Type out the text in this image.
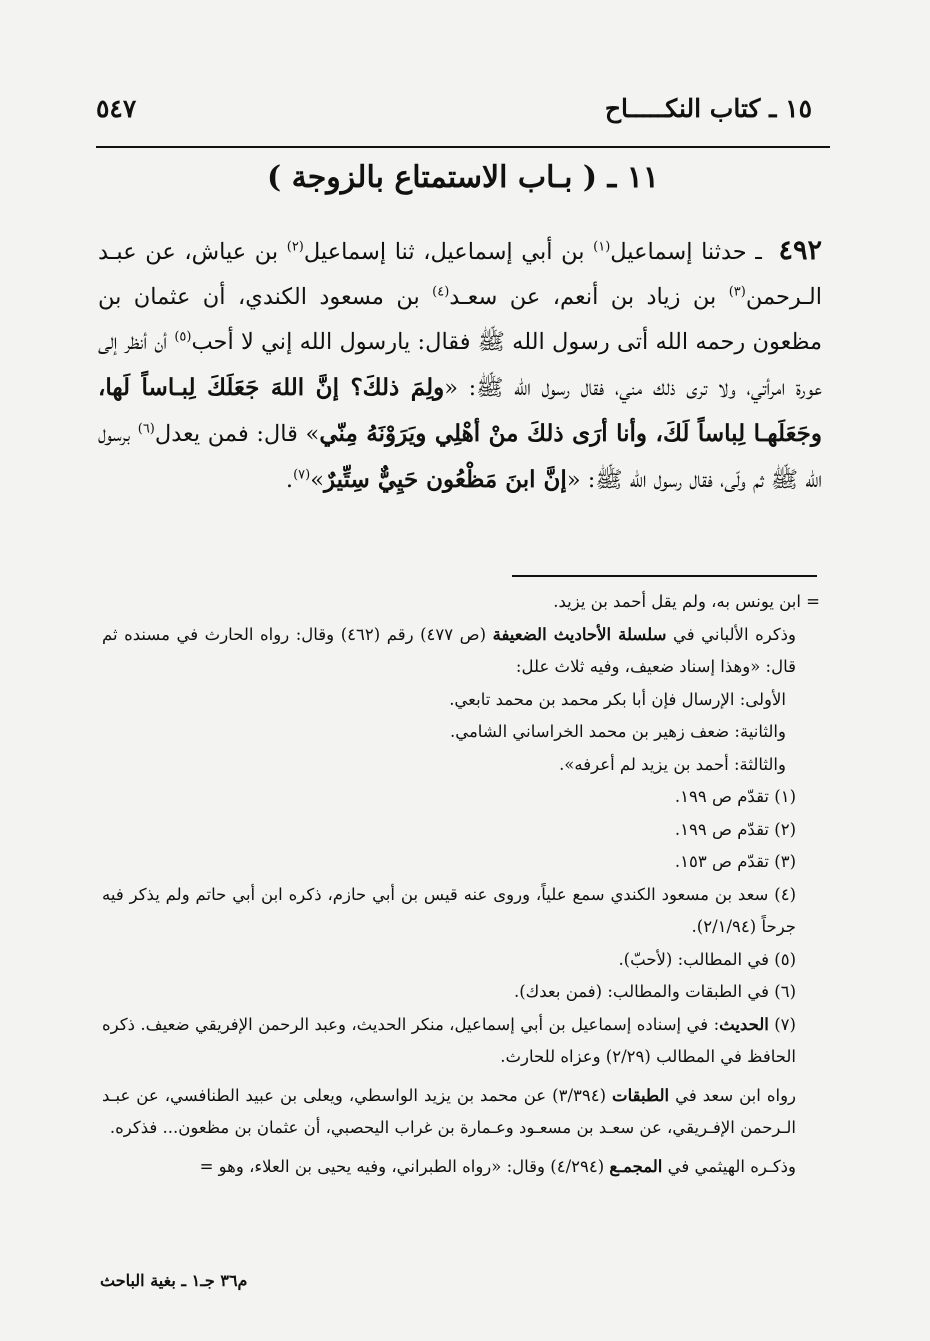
١٥ ـ كتاب النكـــــاح
٥٤٧
١١ ـ ( بـاب الاستمتاع بالزوجة )
٤٩٢ ـ حدثنا إسماعيل$^{(١)}$ بن أبي إسماعيل، ثنا إسماعيل$^{(٢)}$ بن عياش، عن عبـد الـرحمن$^{(٣)}$ بن زياد بن أنعم، عن سعـد$^{(٤)}$ بن مسعود الكندي، أن عثمان بن مظعون رحمه الله أتى رسول الله ﷺ فقال: يارسول الله إني لا أحب$^{(٥)}$ أن أنظر إلى عورة امرأتي، ولا ترى ذلك مني، فقال رسول الله ﷺ: «ولِمَ ذلكَ؟ إنَّ اللهَ جَعَلَكَ لِبـاساً لَها، وجَعَلَهـا لِباساً لَكَ، وأنا أرَى ذلكَ منْ أهْلِي ويَرَوْنَهُ مِنّي» قال: فمن يعدل$^{(٦)}$ برسول الله ﷺ ثم ولّى، فقال رسول الله ﷺ: «إنَّ ابنَ مَظْعُون حَيِيٌّ سِتِّيرٌ»$^{(٧)}$.

= ابن يونس به، ولم يقل أحمد بن يزيد.

وذكره الألباني في سلسلة الأحاديث الضعيفة (ص ٤٧٧) رقم (٤٦٢) وقال: رواه الحارث في مسنده ثم قال: «وهذا إسناد ضعيف، وفيه ثلاث علل:

الأولى: الإرسال فإن أبا بكر محمد بن محمد تابعي.

والثانية: ضعف زهير بن محمد الخراساني الشامي.

والثالثة: أحمد بن يزيد لم أعرفه».

(١) تقدّم ص ١٩٩.

(٢) تقدّم ص ١٩٩.

(٣) تقدّم ص ١٥٣.

(٤) سعد بن مسعود الكندي سمع علياً، وروى عنه قيس بن أبي حازم، ذكره ابن أبي حاتم ولم يذكر فيه جرحاً (٢/١/٩٤).

(٥) في المطالب: (لأحبّ).

(٦) في الطبقات والمطالب: (فمن بعدك).

(٧) الحديث: في إسناده إسماعيل بن أبي إسماعيل، منكر الحديث، وعبد الرحمن الإفريقي ضعيف. ذكره الحافظ في المطالب (٢/٢٩) وعزاه للحارث.

رواه ابن سعد في الطبقات (٣/٣٩٤) عن محمد بن يزيد الواسطي، ويعلى بن عبيد الطنافسي، عن عبـد الـرحمن الإفـريقي، عن سعـد بن مسعـود وعـمارة بن غراب اليحصبي، أن عثمان بن مظعون... فذكره.

وذكـره الهيثمي في المجمـع (٤/٢٩٤) وقال: «رواه الطبراني، وفيه يحيى بن العلاء، وهو =

م٣٦ جـ١ ـ بغية الباحث
